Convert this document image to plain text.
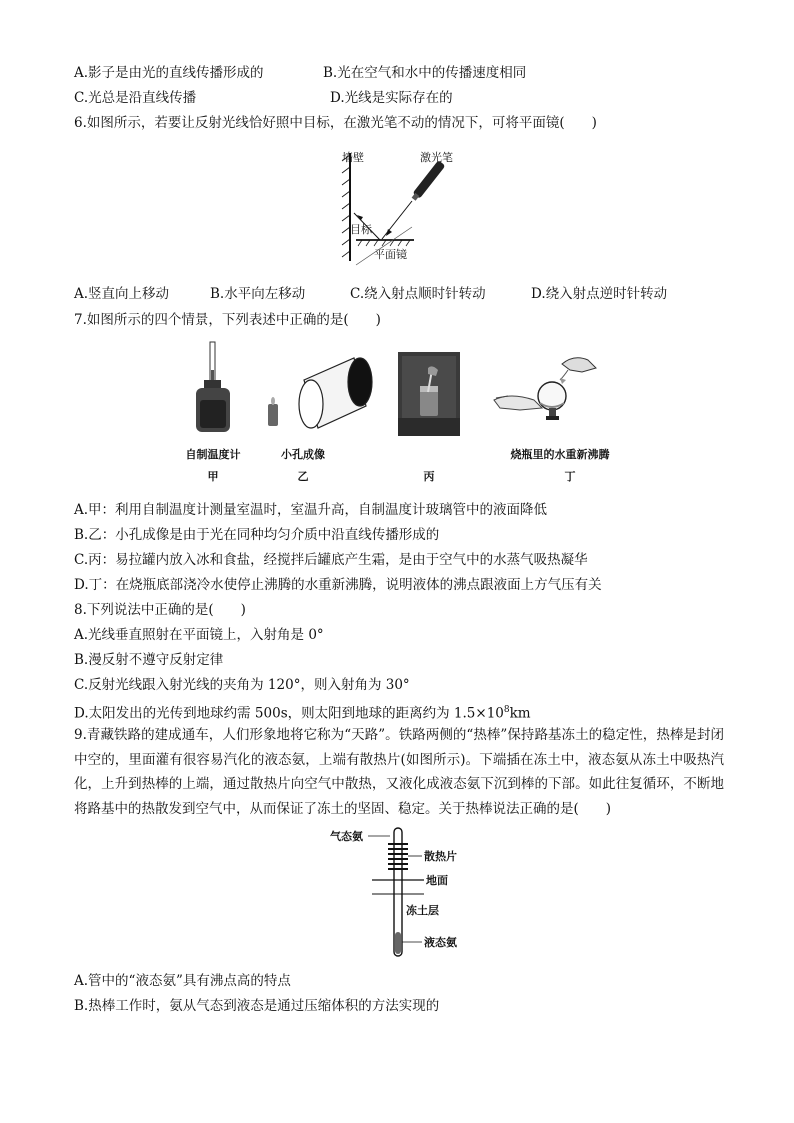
A.影子是由光的直线传播形成的	B.光在空气和水中的传播速度相同
C.光总是沿直线传播	D.光线是实际存在的
6.如图所示，若要让反射光线恰好照中目标，在激光笔不动的情况下，可将平面镜(　　)
墙壁	激光笔
目标
平面镜
A.竖直向上移动	B.水平向左移动	C.绕入射点顺时针转动	D.绕入射点逆时针转动
7.如图所示的四个情景，下列表述中正确的是(　　)
自制温度计
甲
小孔成像
乙	丙
烧瓶里的水重新沸腾
丁
A.甲：利用自制温度计测量室温时，室温升高，自制温度计玻璃管中的液面降低
B.乙：小孔成像是由于光在同种均匀介质中沿直线传播形成的
C.丙：易拉罐内放入冰和食盐，经搅拌后罐底产生霜，是由于空气中的水蒸气吸热凝华
D.丁：在烧瓶底部浇冷水使停止沸腾的水重新沸腾，说明液体的沸点跟液面上方气压有关
8.下列说法中正确的是(　　)
A.光线垂直照射在平面镜上，入射角是 0°
B.漫反射不遵守反射定律
C.反射光线跟入射光线的夹角为 120°，则入射角为 30°
D.太阳发出的光传到地球约需 500s，则太阳到地球的距离约为 $1.5\times 10^8km$
9.青藏铁路的建成通车，人们形象地将它称为“天路”。铁路两侧的“热棒”保持路基冻土的稳定性，热棒是封闭中空的，里面灌有很容易汽化的液态氨，上端有散热片(如图所示)。下端插在冻土中，液态氨从冻土中吸热汽化，上升到热棒的上端，通过散热片向空气中散热，又液化成液态氨下沉到棒的下部。如此往复循环，不断地将路基中的热散发到空气中，从而保证了冻土的坚固、稳定。关于热棒说法正确的是(　　)
气态氨
散热片
地面
冻土层
液态氨
A.管中的“液态氨”具有沸点高的特点
B.热棒工作时，氨从气态到液态是通过压缩体积的方法实现的
